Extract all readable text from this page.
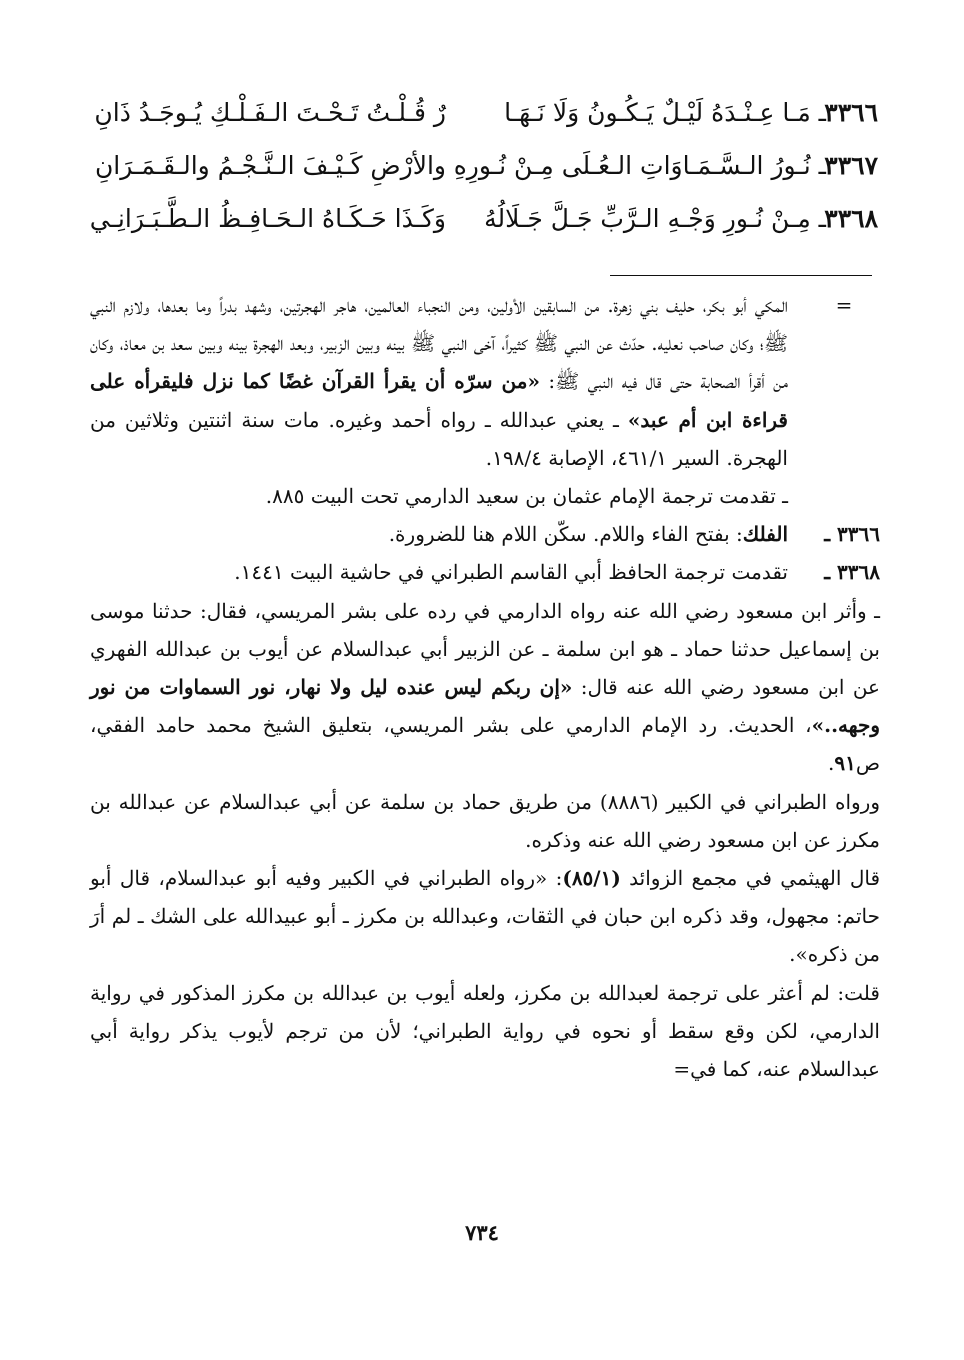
٣٣٦٦
ـ مَـا عِـنْـدَهُ لَيْـلٌ يَـكُـونُ وَلَا نَـهَـا
رٌ قُـلْـتُ تَـحْـتَ الـفَـلْـكِ يُـوجَـدُ ذَانِ
٣٣٦٧
ـ نُـورُ الـسَّـمَـاوَاتِ الـعُـلَى مِـنْ نُـورِهِ
والأرْضِ كَـيْـفَ الـنَّـجْـمُ والـقَـمَـرَانِ
٣٣٦٨
ـ مِـنْ نُـورِ وَجْـهِ الـرَّبِّ جَـلَّ جَـلَالُهُ
وَكَـذَا حَـكَـاهُ الـحَـافِـظُ الـطَّـبَـرَانِـي
=

المكي أبو بكر، حليف بني زهرة. من السابقين الأولين، ومن النجباء العالمين، هاجر الهجرتين، وشهد بدراً وما بعدها، ولازم النبي ﷺ؛ وكان صاحب نعليه. حدّث عن النبي ﷺ كثيراً، آخى النبي ﷺ بينه وبين الزبير، وبعد الهجرة بينه وبين سعد بن معاذ، وكان من أقرأ الصحابة حتى قال فيه النبي ﷺ: «من سرّه أن يقرأ القرآن غضًا كما نزل فليقرأه على قراءة ابن أم عبد» ـ يعني عبدالله ـ رواه أحمد وغيره. مات سنة اثنتين وثلاثين من الهجرة. السير ٤٦١/١، الإصابة ١٩٨/٤.

ـ تقدمت ترجمة الإمام عثمان بن سعيد الدارمي تحت البيت ٨٨٥.

٣٣٦٦ ـ

الفلك: بفتح الفاء واللام. سكّن اللام هنا للضرورة.

٣٣٦٨ ـ

تقدمت ترجمة الحافظ أبي القاسم الطبراني في حاشية البيت ١٤٤١.

ـ وأثر ابن مسعود رضي الله عنه رواه الدارمي في رده على بشر المريسي، فقال: حدثنا موسى بن إسماعيل حدثنا حماد ـ هو ابن سلمة ـ عن الزبير أبي عبدالسلام عن أيوب بن عبدالله الفهري عن ابن مسعود رضي الله عنه قال: «إن ربكم ليس عنده ليل ولا نهار، نور السماوات من نور وجهه..»، الحديث. رد الإمام الدارمي على بشر المريسي، بتعليق الشيخ محمد حامد الفقي، ص٩١.

ورواه الطبراني في الكبير (٨٨٨٦) من طريق حماد بن سلمة عن أبي عبدالسلام عن عبدالله بن مكرز عن ابن مسعود رضي الله عنه وذكره.

قال الهيثمي في مجمع الزوائد (٨٥/١): «رواه الطبراني في الكبير وفيه أبو عبدالسلام، قال أبو حاتم: مجهول، وقد ذكره ابن حبان في الثقات، وعبدالله بن مكرز ـ أبو عبيدالله على الشك ـ لم أرَ من ذكره».

قلت: لم أعثر على ترجمة لعبدالله بن مكرز، ولعله أيوب بن عبدالله بن مكرز المذكور في رواية الدارمي، لكن وقع سقط أو نحوه في رواية الطبراني؛ لأن من ترجم لأيوب يذكر رواية أبي عبدالسلام عنه، كما في=

٧٣٤
